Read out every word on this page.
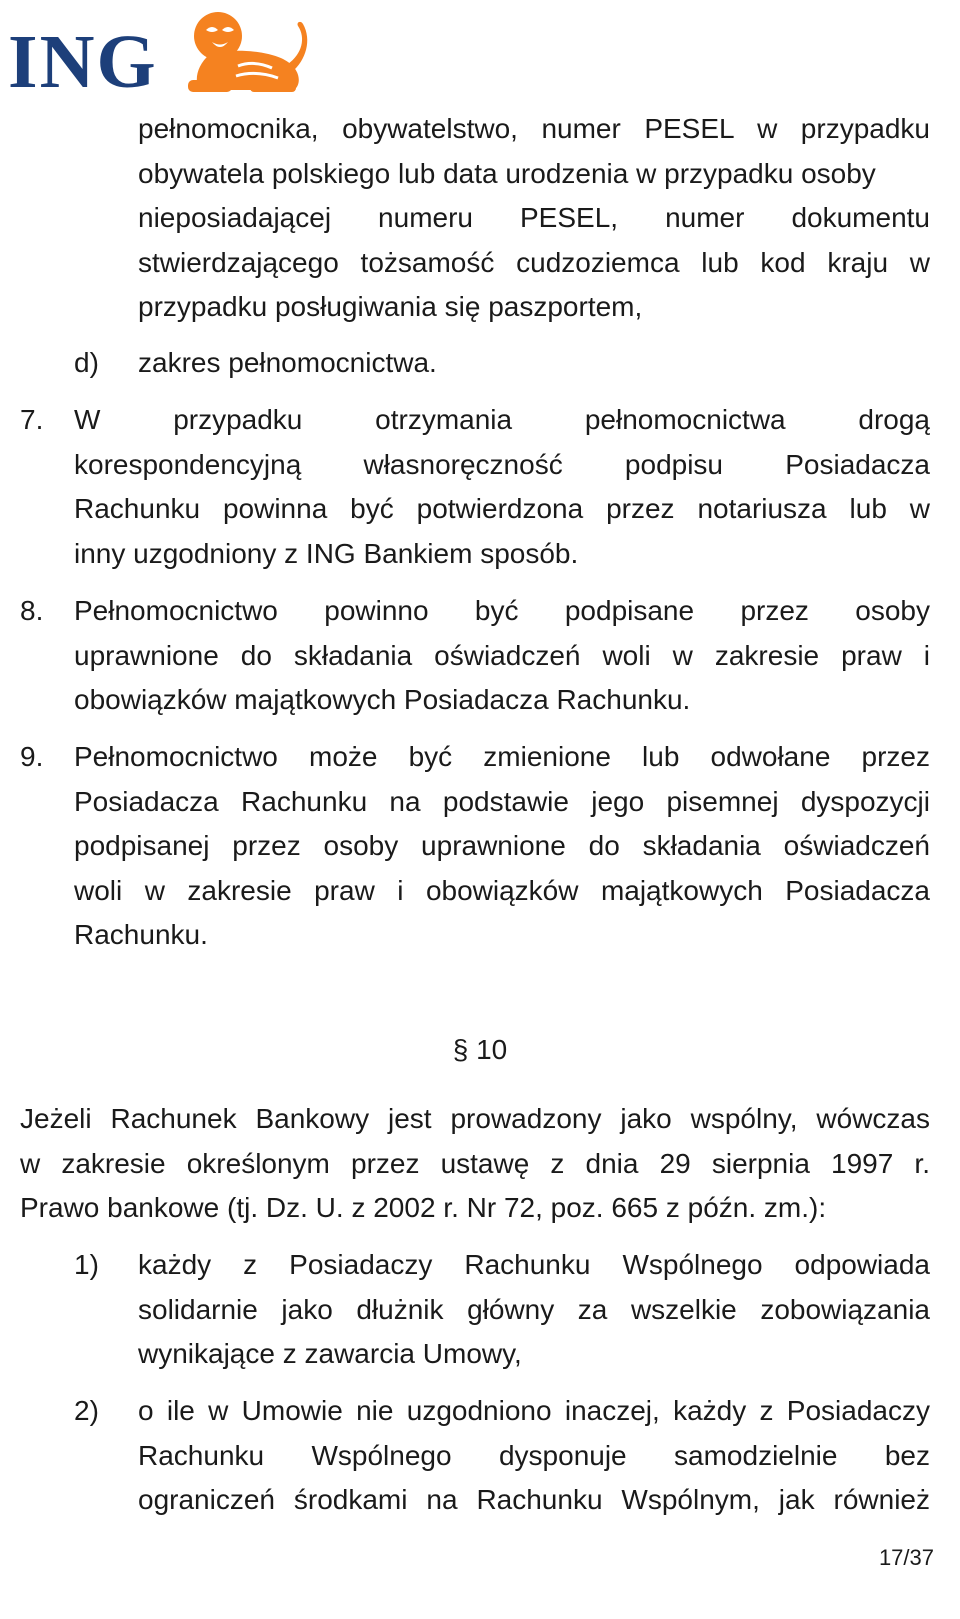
ING
pełnomocnika, obywatelstwo, numer PESEL w przypadku
obywatela polskiego lub data urodzenia w przypadku osoby
nieposiadającej numeru PESEL, numer dokumentu
stwierdzającego tożsamość cudzoziemca lub kod kraju w
przypadku posługiwania się paszportem,
d) zakres pełnomocnictwa.
7. W przypadku otrzymania pełnomocnictwa drogą
korespondencyjną własnoręczność podpisu Posiadacza
Rachunku powinna być potwierdzona przez notariusza lub w
inny uzgodniony z ING Bankiem sposób.
8. Pełnomocnictwo powinno być podpisane przez osoby
uprawnione do składania oświadczeń woli w zakresie praw i
obowiązków majątkowych Posiadacza Rachunku.
9. Pełnomocnictwo może być zmienione lub odwołane przez
Posiadacza Rachunku na podstawie jego pisemnej dyspozycji
podpisanej przez osoby uprawnione do składania oświadczeń
woli w zakresie praw i obowiązków majątkowych Posiadacza
Rachunku.
§ 10
Jeżeli Rachunek Bankowy jest prowadzony jako wspólny, wówczas
w zakresie określonym przez ustawę z dnia 29 sierpnia 1997 r.
Prawo bankowe (tj. Dz. U. z 2002 r. Nr 72, poz. 665 z późn. zm.):
1) każdy z Posiadaczy Rachunku Wspólnego odpowiada
solidarnie jako dłużnik główny za wszelkie zobowiązania
wynikające z zawarcia Umowy,
2) o ile w Umowie nie uzgodniono inaczej, każdy z Posiadaczy
Rachunku Wspólnego dysponuje samodzielnie bez
ograniczeń środkami na Rachunku Wspólnym, jak również
17/37
